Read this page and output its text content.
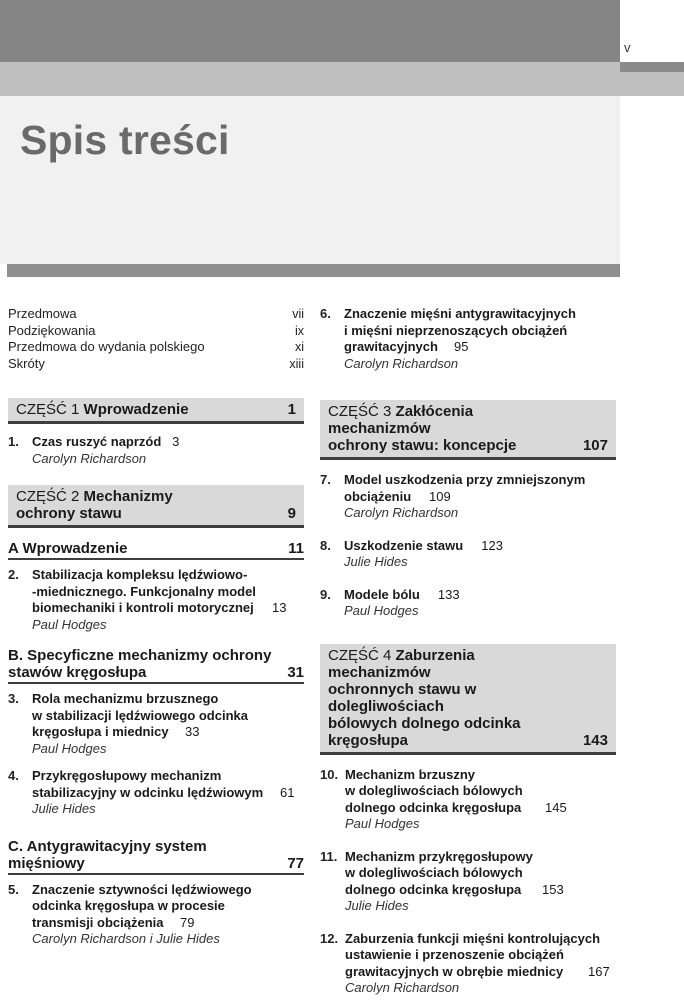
v
Spis treści
Przedmowa	vii
Podziękowania	ix
Przedmowa do wydania polskiego	xi
Skróty	xiii
CZĘŚĆ 1 Wprowadzenie	1
1.	Czas ruszyć naprzód 3
Carolyn Richardson
CZĘŚĆ 2 Mechanizmy
ochrony stawu	9
A Wprowadzenie	11
2.	Stabilizacja kompleksu lędźwiowo-
-miednicznego. Funkcjonalny model
biomechaniki i kontroli motorycznej 13
Paul Hodges
B. Specyficzne mechanizmy ochrony
stawów kręgosłupa	31
3.	Rola mechanizmu brzusznego
w stabilizacji lędźwiowego odcinka
kręgosłupa i miednicy 33
Paul Hodges
4.	Przykręgosłupowy mechanizm
stabilizacyjny w odcinku lędźwiowym 61
Julie Hides
C. Antygrawitacyjny system
mięśniowy	77
5.	Znaczenie sztywności lędźwiowego
odcinka kręgosłupa w procesie
transmisji obciążenia 79
Carolyn Richardson i Julie Hides
6.	Znaczenie mięśni antygrawitacyjnych
i mięśni nieprzenoszących obciążeń
grawitacyjnych 95
Carolyn Richardson
CZĘŚĆ 3 Zakłócenia mechanizmów
ochrony stawu: koncepcje	107
7.	Model uszkodzenia przy zmniejszonym
obciążeniu 109
Carolyn Richardson
8.	Uszkodzenie stawu 123
Julie Hides
9.	Modele bólu 133
Paul Hodges
CZĘŚĆ 4 Zaburzenia mechanizmów
ochronnych stawu w dolegliwościach
bólowych dolnego odcinka
kręgosłupa	143
10. Mechanizm brzuszny
w dolegliwościach bólowych
dolnego odcinka kręgosłupa 145
Paul Hodges
11. Mechanizm przykręgosłupowy
w dolegliwościach bólowych
dolnego odcinka kręgosłupa 153
Julie Hides
12. Zaburzenia funkcji mięśni kontrolujących
ustawienie i przenoszenie obciążeń
grawitacyjnych w obrębie miednicy 167
Carolyn Richardson
